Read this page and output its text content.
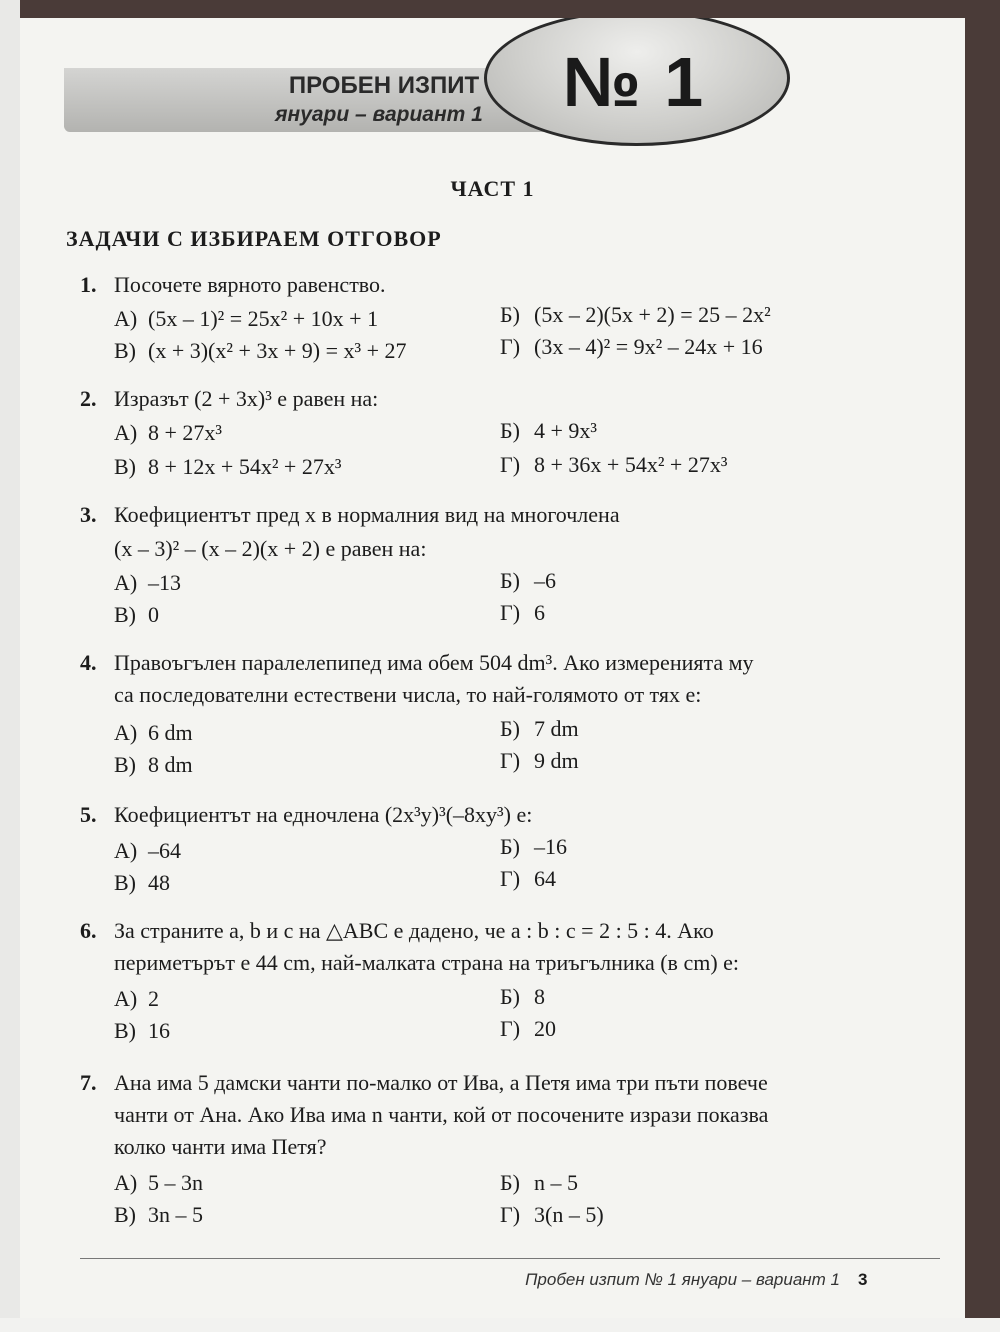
ПРОБЕН ИЗПИТ
януари – вариант 1	№ 1
ЧАСТ 1
ЗАДАЧИ С ИЗБИРАЕМ ОТГОВОР
1. Посочете вярното равенство.
А) (5x – 1)² = 25x² + 10x + 1	Б) (5x – 2)(5x + 2) = 25 – 2x²
В) (x + 3)(x² + 3x + 9) = x³ + 27	Г) (3x – 4)² = 9x² – 24x + 16
2. Изразът (2 + 3x)³ е равен на:
А) 8 + 27x³	Б) 4 + 9x³
В) 8 + 12x + 54x² + 27x³	Г) 8 + 36x + 54x² + 27x³
3. Коефициентът пред x в нормалния вид на многочлена
(x – 3)² – (x – 2)(x + 2) е равен на:
А) –13	Б) –6
В) 0	Г) 6
4. Правоъгълен паралелепипед има обем 504 dm³. Ако измеренията му
са последователни естествени числа, то най-голямото от тях е:
А) 6 dm	Б) 7 dm
В) 8 dm	Г) 9 dm
5. Коефициентът на едночлена (2x³y)³(–8xy³) е:
А) –64	Б) –16
В) 48	Г) 64
6. За страните a, b и c на △ABC е дадено, че a : b : c = 2 : 5 : 4. Ако
периметърът е 44 cm, най-малката страна на триъгълника (в cm) е:
А) 2	Б) 8
В) 16	Г) 20
7. Ана има 5 дамски чанти по-малко от Ива, а Петя има три пъти повече
чанти от Ана. Ако Ива има n чанти, кой от посочените изрази показва
колко чанти има Петя?
А) 5 – 3n	Б) n – 5
В) 3n – 5	Г) 3(n – 5)
Пробен изпит № 1 януари – вариант 1 3
